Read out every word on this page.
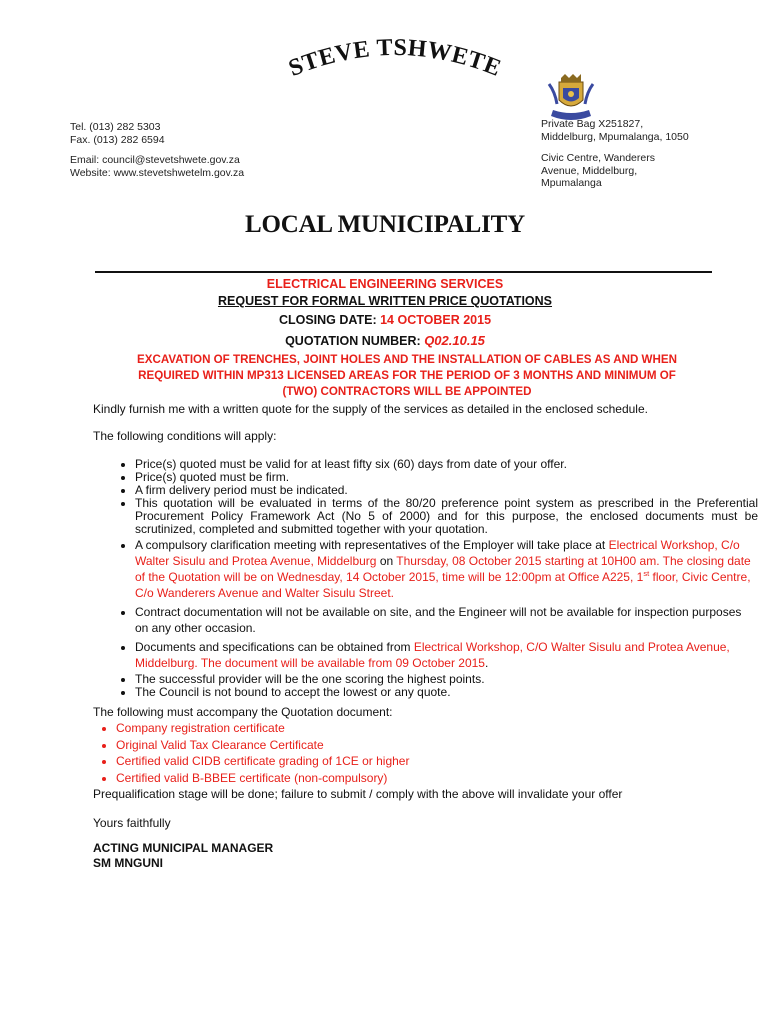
STEVE TSHWETE
Tel. (013) 282 5303
Fax. (013) 282 6594
Email: council@stevetshwete.gov.za
Website: www.stevetshwetelm.gov.za
Private Bag X251827,
Middelburg, Mpumalanga, 1050
Civic Centre, Wanderers
Avenue, Middelburg,
Mpumalanga
LOCAL MUNICIPALITY
ELECTRICAL ENGINEERING SERVICES
REQUEST FOR FORMAL WRITTEN PRICE QUOTATIONS
CLOSING DATE: 14 OCTOBER 2015
QUOTATION NUMBER: Q02.10.15
EXCAVATION OF TRENCHES, JOINT HOLES AND THE INSTALLATION OF CABLES AS AND WHEN
REQUIRED WITHIN MP313 LICENSED AREAS FOR THE PERIOD OF 3 MONTHS AND MINIMUM OF
(TWO) CONTRACTORS WILL BE APPOINTED
Kindly furnish me with a written quote for the supply of the services as detailed in the enclosed schedule.
The following conditions will apply:
• Price(s) quoted must be valid for at least fifty six (60) days from date of your offer.
• Price(s) quoted must be firm.
• A firm delivery period must be indicated.
• This quotation will be evaluated in terms of the 80/20 preference point system as prescribed in the Preferential Procurement Policy Framework Act (No 5 of 2000) and for this purpose, the enclosed documents must be scrutinized, completed and submitted together with your quotation.
• A compulsory clarification meeting with representatives of the Employer will take place at Electrical Workshop, C/o Walter Sisulu and Protea Avenue, Middelburg on Thursday, 08 October 2015 starting at 10H00 am. The closing date of the Quotation will be on Wednesday, 14 October 2015, time will be 12:00pm at Office A225, 1st floor, Civic Centre, C/o Wanderers Avenue and Walter Sisulu Street.
• Contract documentation will not be available on site, and the Engineer will not be available for inspection purposes on any other occasion.
• Documents and specifications can be obtained from Electrical Workshop, C/O Walter Sisulu and Protea Avenue, Middelburg. The document will be available from 09 October 2015.
• The successful provider will be the one scoring the highest points.
• The Council is not bound to accept the lowest or any quote.
The following must accompany the Quotation document:
• Company registration certificate
• Original Valid Tax Clearance Certificate
• Certified valid CIDB certificate grading of 1CE or higher
• Certified valid B-BBEE certificate (non-compulsory)
Prequalification stage will be done; failure to submit / comply with the above will invalidate your offer
Yours faithfully
ACTING MUNICIPAL MANAGER
SM MNGUNI
